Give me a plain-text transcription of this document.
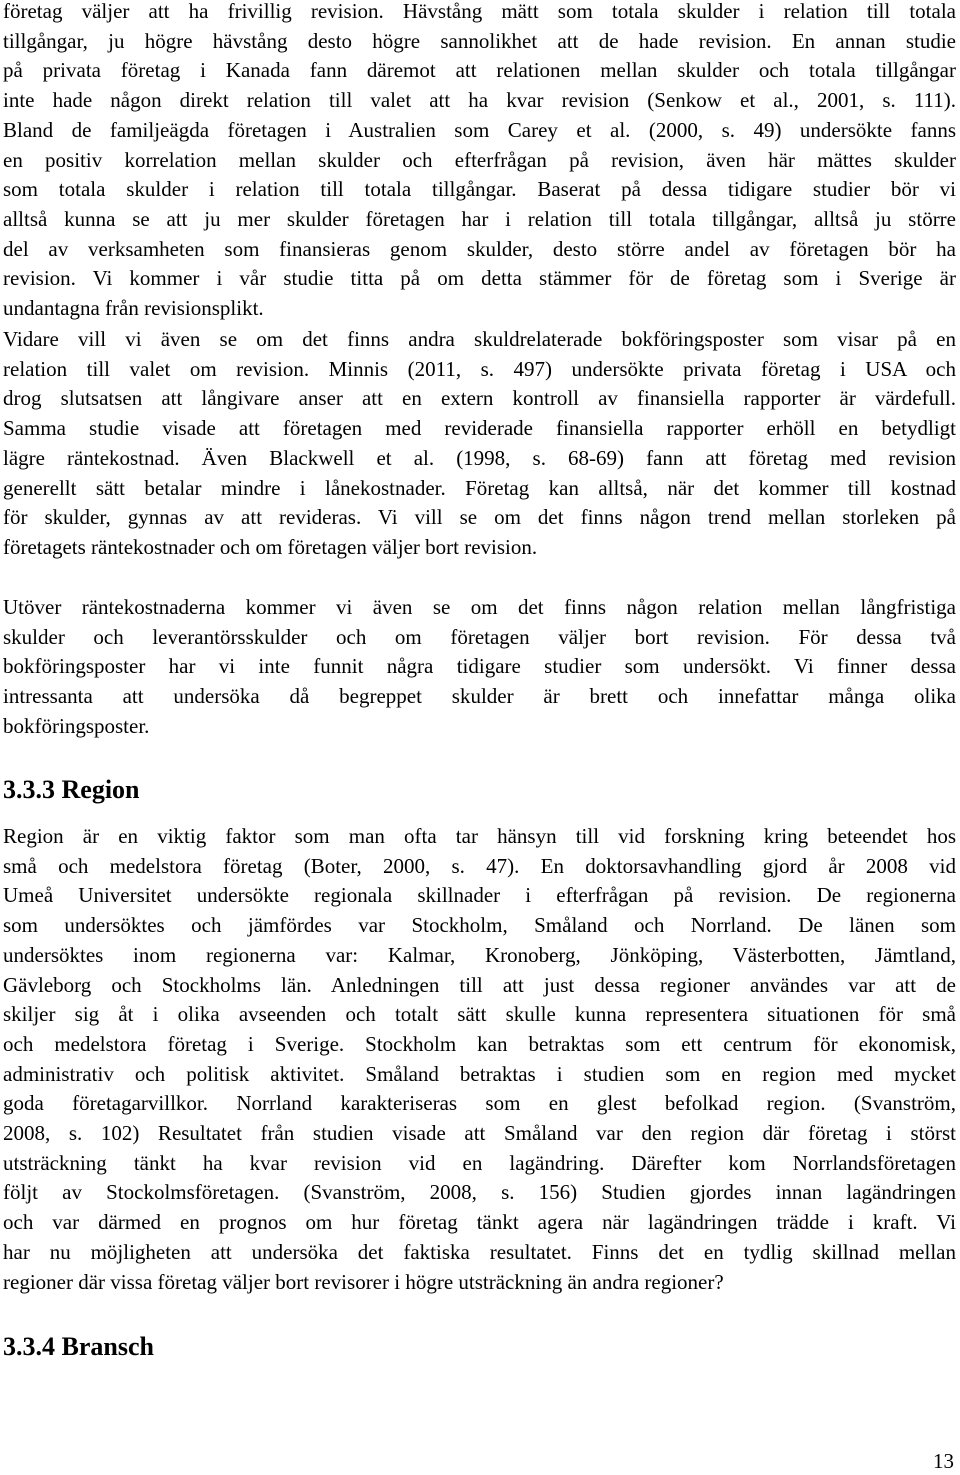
företag väljer att ha frivillig revision. Hävstång mätt som totala skulder i relation till totala
tillgångar, ju högre hävstång desto högre sannolikhet att de hade revision. En annan studie
på privata företag i Kanada fann däremot att relationen mellan skulder och totala tillgångar
inte hade någon direkt relation till valet att ha kvar revision (Senkow et al., 2001, s. 111).
Bland de familjeägda företagen i Australien som Carey et al. (2000, s. 49) undersökte fanns
en positiv korrelation mellan skulder och efterfrågan på revision, även här mättes skulder
som totala skulder i relation till totala tillgångar. Baserat på dessa tidigare studier bör vi
alltså kunna se att ju mer skulder företagen har i relation till totala tillgångar, alltså ju större
del av verksamheten som finansieras genom skulder, desto större andel av företagen bör ha
revision. Vi kommer i vår studie titta på om detta stämmer för de företag som i Sverige är
undantagna från revisionsplikt.
Vidare vill vi även se om det finns andra skuldrelaterade bokföringsposter som visar på en
relation till valet om revision. Minnis (2011, s. 497) undersökte privata företag i USA och
drog slutsatsen att långivare anser att en extern kontroll av finansiella rapporter är värdefull.
Samma studie visade att företagen med reviderade finansiella rapporter erhöll en betydligt
lägre räntekostnad. Även Blackwell et al. (1998, s. 68-69) fann att företag med revision
generellt sätt betalar mindre i lånekostnader. Företag kan alltså, när det kommer till kostnad
för skulder, gynnas av att revideras. Vi vill se om det finns någon trend mellan storleken på
företagets räntekostnader och om företagen väljer bort revision.
Utöver räntekostnaderna kommer vi även se om det finns någon relation mellan långfristiga
skulder och leverantörsskulder och om företagen väljer bort revision. För dessa två
bokföringsposter har vi inte funnit några tidigare studier som undersökt. Vi finner dessa
intressanta att undersöka då begreppet skulder är brett och innefattar många olika
bokföringsposter.
3.3.3 Region
Region är en viktig faktor som man ofta tar hänsyn till vid forskning kring beteendet hos
små och medelstora företag (Boter, 2000, s. 47). En doktorsavhandling gjord år 2008 vid
Umeå Universitet undersökte regionala skillnader i efterfrågan på revision. De regionerna
som undersöktes och jämfördes var Stockholm, Småland och Norrland. De länen som
undersöktes inom regionerna var: Kalmar, Kronoberg, Jönköping, Västerbotten, Jämtland,
Gävleborg och Stockholms län. Anledningen till att just dessa regioner användes var att de
skiljer sig åt i olika avseenden och totalt sätt skulle kunna representera situationen för små
och medelstora företag i Sverige. Stockholm kan betraktas som ett centrum för ekonomisk,
administrativ och politisk aktivitet. Småland betraktas i studien som en region med mycket
goda företagarvillkor. Norrland karakteriseras som en glest befolkad region. (Svanström,
2008, s. 102) Resultatet från studien visade att Småland var den region där företag i störst
utsträckning tänkt ha kvar revision vid en lagändring. Därefter kom Norrlandsföretagen
följt av Stockolmsföretagen. (Svanström, 2008, s. 156) Studien gjordes innan lagändringen
och var därmed en prognos om hur företag tänkt agera när lagändringen trädde i kraft. Vi
har nu möjligheten att undersöka det faktiska resultatet. Finns det en tydlig skillnad mellan
regioner där vissa företag väljer bort revisorer i högre utsträckning än andra regioner?
3.3.4 Bransch
13
